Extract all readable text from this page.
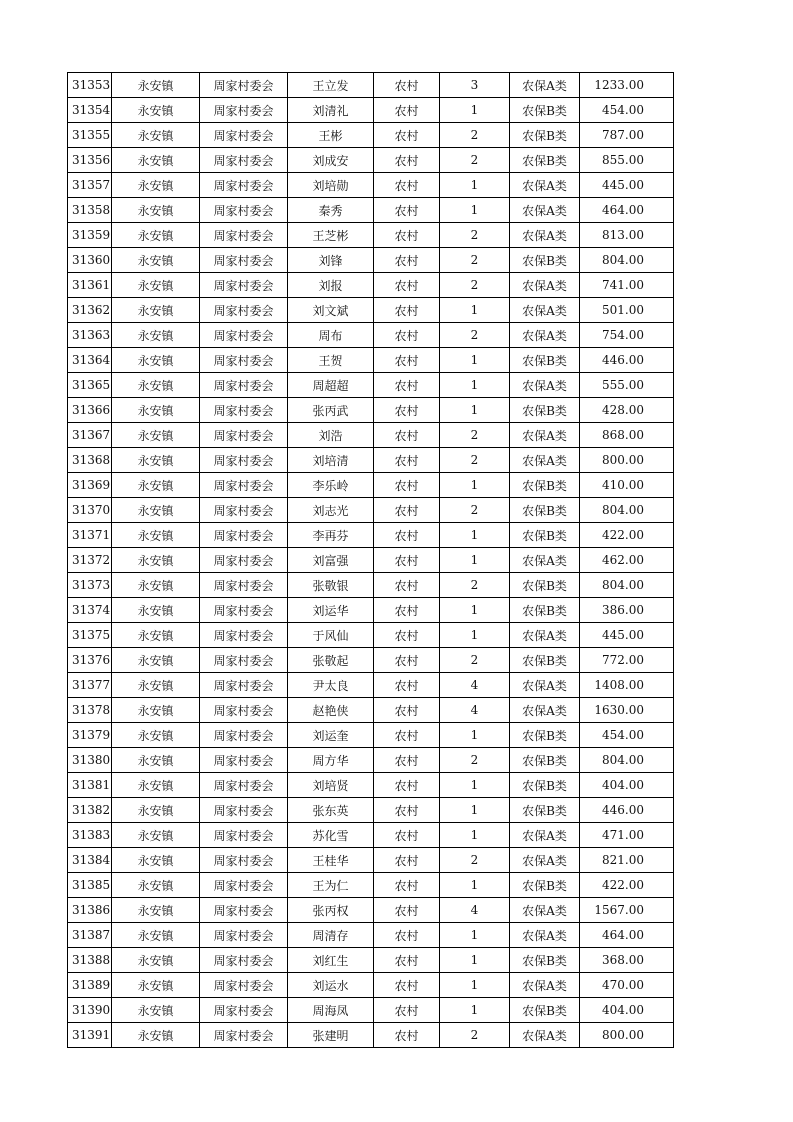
31353	永安镇	周家村委会	王立发	农村	3	农保A类	1233.00
31354	永安镇	周家村委会	刘清礼	农村	1	农保B类	454.00
31355	永安镇	周家村委会	王彬	农村	2	农保B类	787.00
31356	永安镇	周家村委会	刘成安	农村	2	农保B类	855.00
31357	永安镇	周家村委会	刘培勋	农村	1	农保A类	445.00
31358	永安镇	周家村委会	秦秀	农村	1	农保A类	464.00
31359	永安镇	周家村委会	王芝彬	农村	2	农保A类	813.00
31360	永安镇	周家村委会	刘锋	农村	2	农保B类	804.00
31361	永安镇	周家村委会	刘报	农村	2	农保A类	741.00
31362	永安镇	周家村委会	刘文斌	农村	1	农保A类	501.00
31363	永安镇	周家村委会	周布	农村	2	农保A类	754.00
31364	永安镇	周家村委会	王贺	农村	1	农保B类	446.00
31365	永安镇	周家村委会	周超超	农村	1	农保A类	555.00
31366	永安镇	周家村委会	张丙武	农村	1	农保B类	428.00
31367	永安镇	周家村委会	刘浩	农村	2	农保A类	868.00
31368	永安镇	周家村委会	刘培清	农村	2	农保A类	800.00
31369	永安镇	周家村委会	李乐岭	农村	1	农保B类	410.00
31370	永安镇	周家村委会	刘志光	农村	2	农保B类	804.00
31371	永安镇	周家村委会	李再芬	农村	1	农保B类	422.00
31372	永安镇	周家村委会	刘富强	农村	1	农保A类	462.00
31373	永安镇	周家村委会	张敬银	农村	2	农保B类	804.00
31374	永安镇	周家村委会	刘运华	农村	1	农保B类	386.00
31375	永安镇	周家村委会	于风仙	农村	1	农保A类	445.00
31376	永安镇	周家村委会	张敬起	农村	2	农保B类	772.00
31377	永安镇	周家村委会	尹太良	农村	4	农保A类	1408.00
31378	永安镇	周家村委会	赵艳侠	农村	4	农保A类	1630.00
31379	永安镇	周家村委会	刘运奎	农村	1	农保B类	454.00
31380	永安镇	周家村委会	周方华	农村	2	农保B类	804.00
31381	永安镇	周家村委会	刘培贤	农村	1	农保B类	404.00
31382	永安镇	周家村委会	张东英	农村	1	农保B类	446.00
31383	永安镇	周家村委会	苏化雪	农村	1	农保A类	471.00
31384	永安镇	周家村委会	王桂华	农村	2	农保A类	821.00
31385	永安镇	周家村委会	王为仁	农村	1	农保B类	422.00
31386	永安镇	周家村委会	张丙权	农村	4	农保A类	1567.00
31387	永安镇	周家村委会	周清存	农村	1	农保A类	464.00
31388	永安镇	周家村委会	刘红生	农村	1	农保B类	368.00
31389	永安镇	周家村委会	刘运水	农村	1	农保A类	470.00
31390	永安镇	周家村委会	周海凤	农村	1	农保B类	404.00
31391	永安镇	周家村委会	张建明	农村	2	农保A类	800.00
